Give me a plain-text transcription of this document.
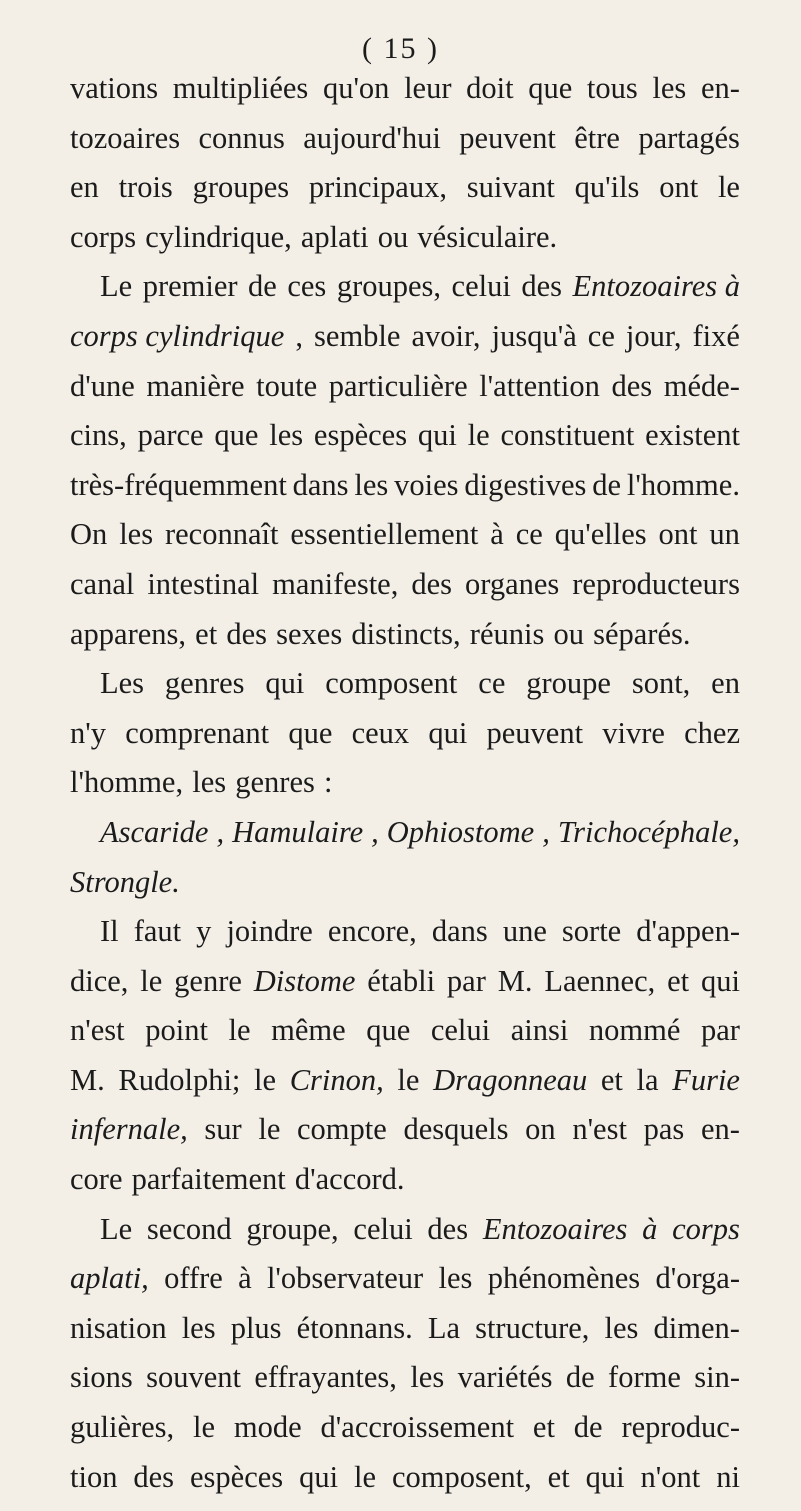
( 15 )
vations multipliées qu'on leur doit que tous les en-
tozoaires connus aujourd'hui peuvent être partagés
en trois groupes principaux, suivant qu'ils ont le
corps cylindrique, aplati ou vésiculaire.
Le premier de ces groupes, celui des Entozoaires à
corps cylindrique , semble avoir, jusqu'à ce jour, fixé
d'une manière toute particulière l'attention des méde-
cins, parce que les espèces qui le constituent existent
très-fréquemment dans les voies digestives de l'homme.
On les reconnaît essentiellement à ce qu'elles ont un
canal intestinal manifeste, des organes reproducteurs
apparens, et des sexes distincts, réunis ou séparés.
Les genres qui composent ce groupe sont, en
n'y comprenant que ceux qui peuvent vivre chez
l'homme, les genres :
Ascaride , Hamulaire , Ophiostome , Trichocéphale,
Strongle.
Il faut y joindre encore, dans une sorte d'appen-
dice, le genre Distome établi par M. Laennec, et qui
n'est point le même que celui ainsi nommé par
M. Rudolphi; le Crinon, le Dragonneau et la Furie
infernale, sur le compte desquels on n'est pas en-
core parfaitement d'accord.
Le second groupe, celui des Entozoaires à corps
aplati, offre à l'observateur les phénomènes d'orga-
nisation les plus étonnans. La structure, les dimen-
sions souvent effrayantes, les variétés de forme sin-
gulières, le mode d'accroissement et de reproduc-
tion des espèces qui le composent, et qui n'ont ni
